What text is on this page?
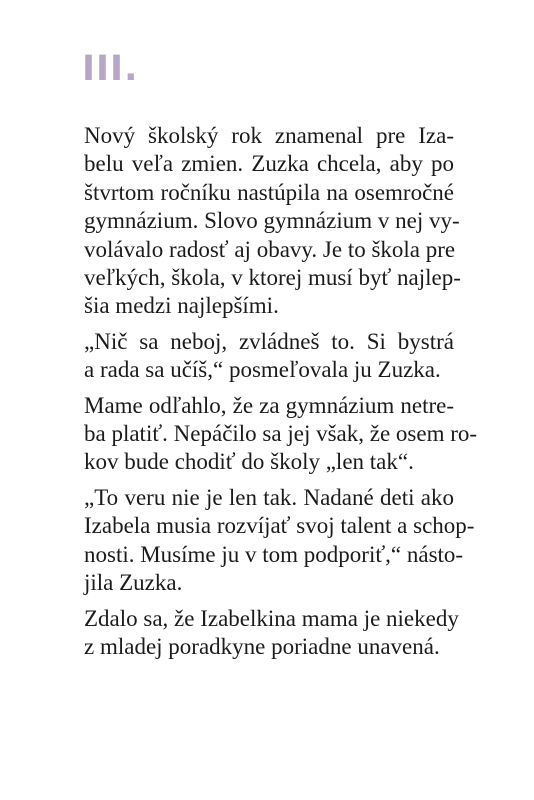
III.

Nový školský rok znamenal pre Iza-
belu veľa zmien. Zuzka chcela, aby po
štvrtom ročníku nastúpila na osemročné
gymnázium. Slovo gymnázium v nej vy-
volávalo radosť aj obavy. Je to škola pre
veľkých, škola, v ktorej musí byť najlep-
šia medzi najlepšími.

„Nič sa neboj, zvládneš to. Si bystrá
a rada sa učíš,“ posmeľovala ju Zuzka.

Mame odľahlo, že za gymnázium netre-
ba platiť. Nepáčilo sa jej však, že osem ro-
kov bude chodiť do školy „len tak“.

„To veru nie je len tak. Nadané deti ako
Izabela musia rozvíjať svoj talent a schop-
nosti. Musíme ju v tom podporiť,“ násto-
jila Zuzka.

Zdalo sa, že Izabelkina mama je niekedy
z mladej poradkyne poriadne unavená.
